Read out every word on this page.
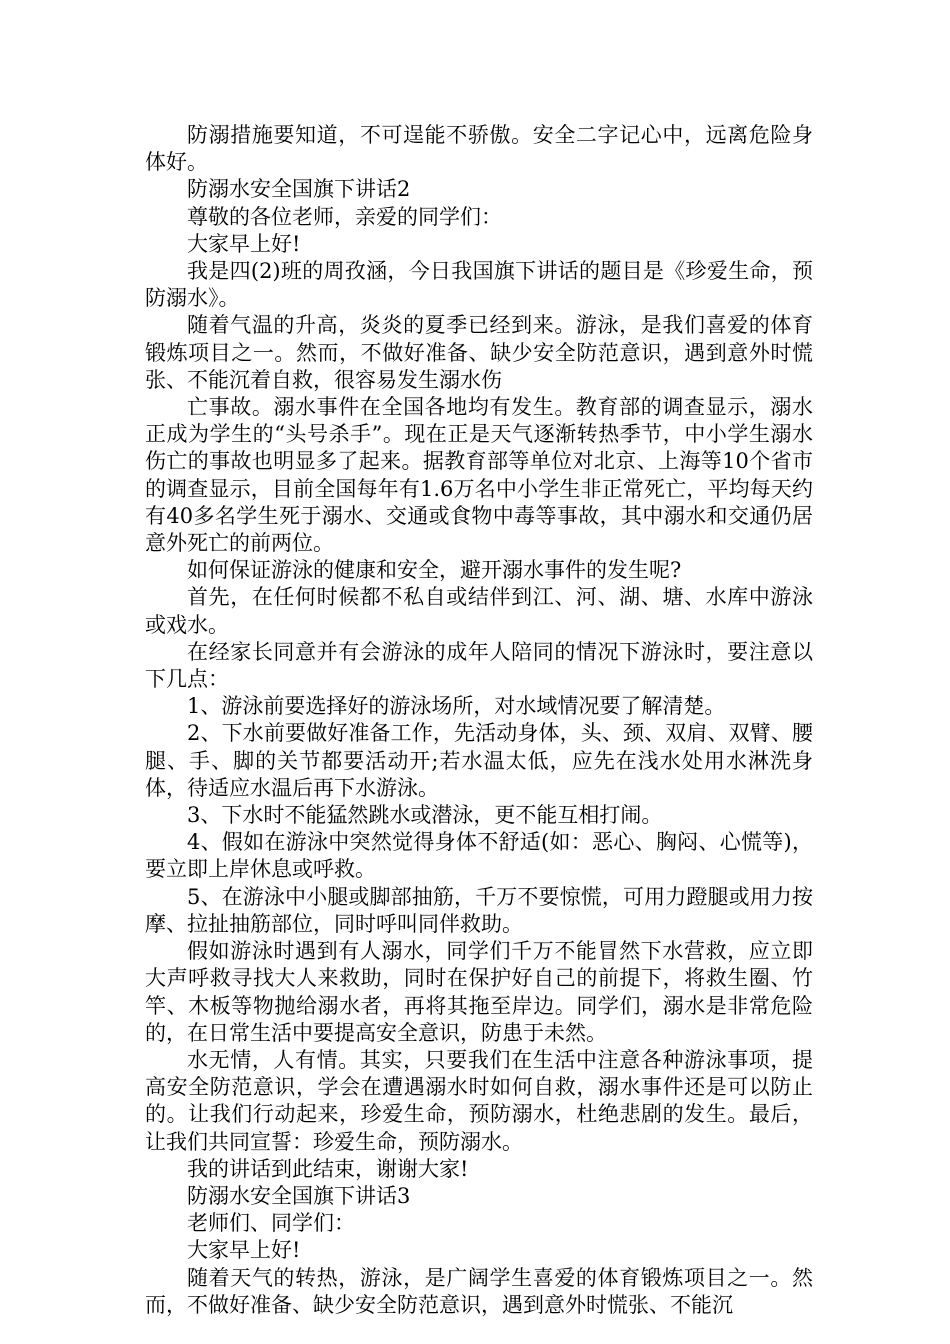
防溺措施要知道，不可逞能不骄傲。安全二字记心中，远离危险身体好。

防溺水安全国旗下讲话2

尊敬的各位老师，亲爱的同学们：

大家早上好!

我是四(2)班的周孜涵，今日我国旗下讲话的题目是《珍爱生命，预防溺水》。

随着气温的升高，炎炎的夏季已经到来。游泳，是我们喜爱的体育锻炼项目之一。然而，不做好准备、缺少安全防范意识，遇到意外时慌张、不能沉着自救，很容易发生溺水伤

亡事故。溺水事件在全国各地均有发生。教育部的调查显示，溺水正成为学生的“头号杀手”。现在正是天气逐渐转热季节，中小学生溺水伤亡的事故也明显多了起来。据教育部等单位对北京、上海等10个省市的调查显示，目前全国每年有1.6万名中小学生非正常死亡，平均每天约有40多名学生死于溺水、交通或食物中毒等事故，其中溺水和交通仍居意外死亡的前两位。

如何保证游泳的健康和安全，避开溺水事件的发生呢?

首先，在任何时候都不私自或结伴到江、河、湖、塘、水库中游泳或戏水。

在经家长同意并有会游泳的成年人陪同的情况下游泳时，要注意以下几点：

1、游泳前要选择好的游泳场所，对水域情况要了解清楚。

2、下水前要做好准备工作，先活动身体，头、颈、双肩、双臂、腰腿、手、脚的关节都要活动开;若水温太低，应先在浅水处用水淋洗身体，待适应水温后再下水游泳。

3、下水时不能猛然跳水或潜泳，更不能互相打闹。

4、假如在游泳中突然觉得身体不舒适(如：恶心、胸闷、心慌等)，要立即上岸休息或呼救。

5、在游泳中小腿或脚部抽筋，千万不要惊慌，可用力蹬腿或用力按摩、拉扯抽筋部位，同时呼叫同伴救助。

假如游泳时遇到有人溺水，同学们千万不能冒然下水营救，应立即大声呼救寻找大人来救助，同时在保护好自己的前提下，将救生圈、竹竿、木板等物抛给溺水者，再将其拖至岸边。同学们，溺水是非常危险的，在日常生活中要提高安全意识，防患于未然。

水无情，人有情。其实，只要我们在生活中注意各种游泳事项，提高安全防范意识，学会在遭遇溺水时如何自救，溺水事件还是可以防止的。让我们行动起来，珍爱生命，预防溺水，杜绝悲剧的发生。最后，让我们共同宣誓：珍爱生命，预防溺水。

我的讲话到此结束，谢谢大家!

防溺水安全国旗下讲话3

老师们、同学们：

大家早上好!

随着天气的转热，游泳，是广阔学生喜爱的体育锻炼项目之一。然而，不做好准备、缺少安全防范意识，遇到意外时慌张、不能沉
